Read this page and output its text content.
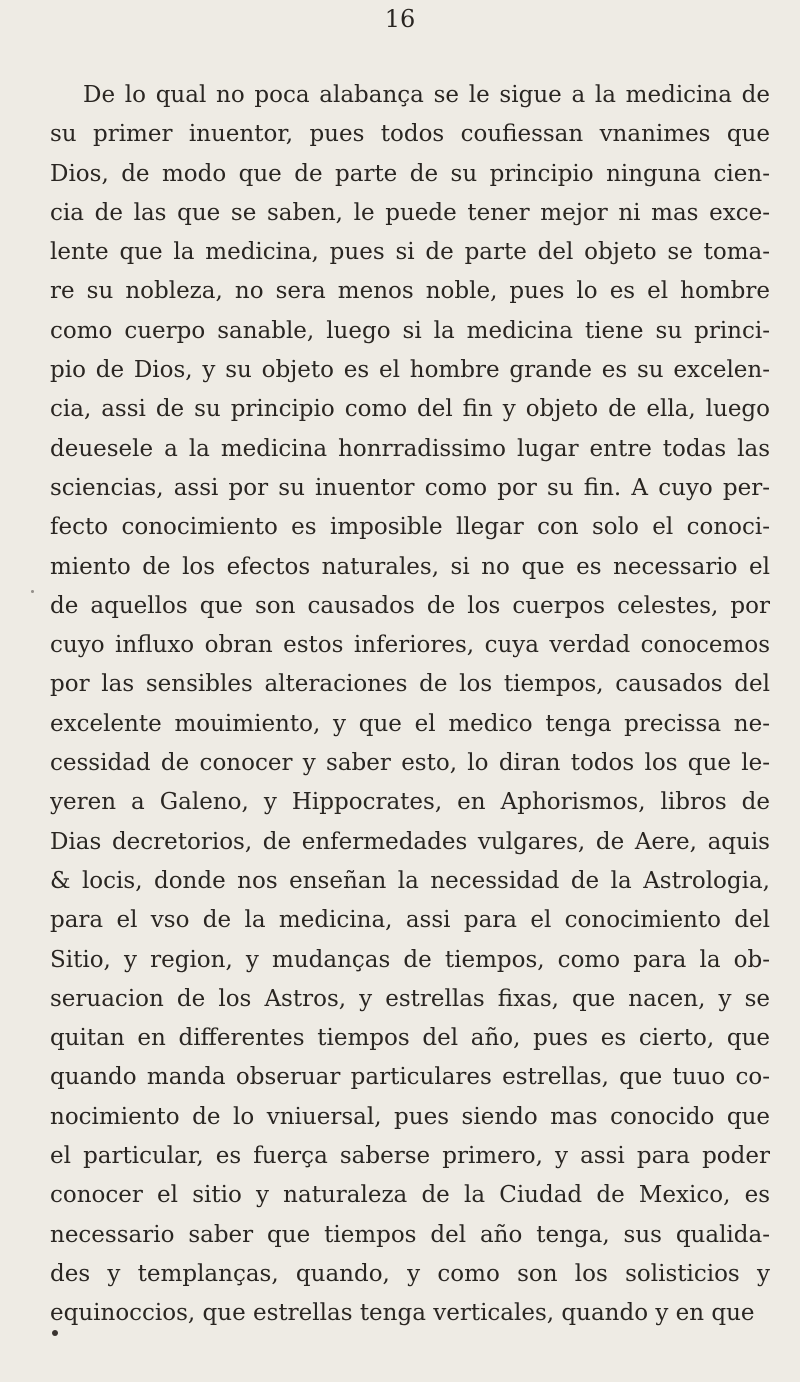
16
De lo qual no poca alabança se le sigue a la medicina de
su primer inuentor, pues todos coufiessan vnanimes que
Dios, de modo que de parte de su principio ninguna cien-
cia de las que se saben, le puede tener mejor ni mas exce-
lente que la medicina, pues si de parte del objeto se toma-
re su nobleza, no sera menos noble, pues lo es el hombre
como cuerpo sanable, luego si la medicina tiene su princi-
pio de Dios, y su objeto es el hombre grande es su excelen-
cia, assi de su principio como del fin y objeto de ella, luego
deuesele a la medicina honrradissimo lugar entre todas las
sciencias, assi por su inuentor como por su fin. A cuyo per-
fecto conocimiento es imposible llegar con solo el conoci-
miento de los efectos naturales, si no que es necessario el
de aquellos que son causados de los cuerpos celestes, por
cuyo influxo obran estos inferiores, cuya verdad conocemos
por las sensibles alteraciones de los tiempos, causados del
excelente mouimiento, y que el medico tenga precissa ne-
cessidad de conocer y saber esto, lo diran todos los que le-
yeren a Galeno, y Hippocrates, en Aphorismos, libros de
Dias decretorios, de enfermedades vulgares, de Aere, aquis
& locis, donde nos enseñan la necessidad de la Astrologia,
para el vso de la medicina, assi para el conocimiento del
Sitio, y region, y mudanças de tiempos, como para la ob-
seruacion de los Astros, y estrellas fixas, que nacen, y se
quitan en differentes tiempos del año, pues es cierto, que
quando manda obseruar particulares estrellas, que tuuo co-
nocimiento de lo vniuersal, pues siendo mas conocido que
el particular, es fuerça saberse primero, y assi para poder
conocer el sitio y naturaleza de la Ciudad de Mexico, es
necessario saber que tiempos del año tenga, sus qualida-
des y templanças, quando, y como son los solisticios y
equinoccios, que estrellas tenga verticales, quando y en que
